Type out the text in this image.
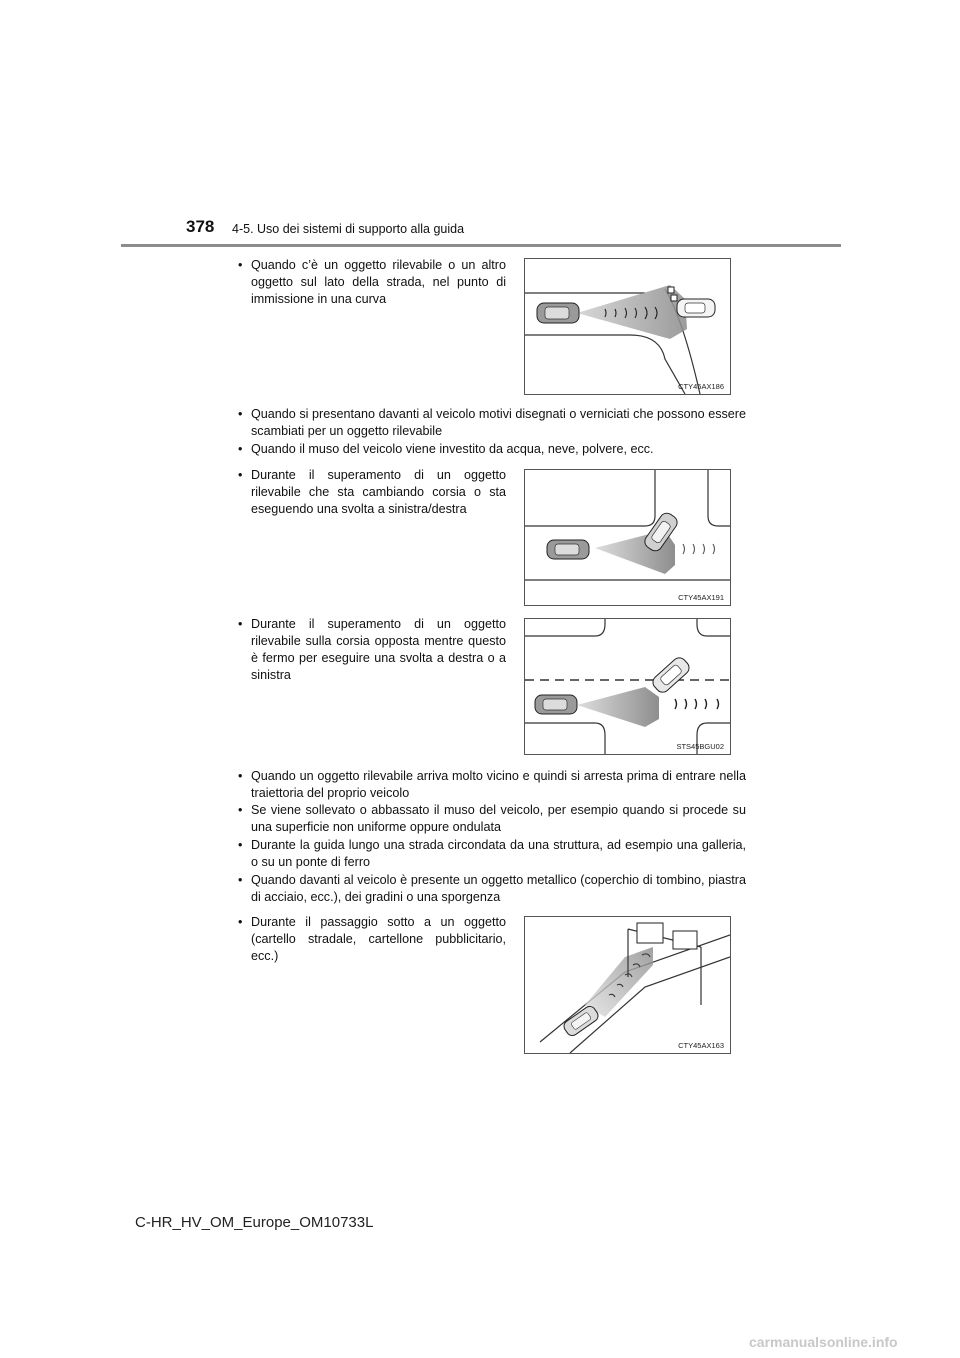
378 4-5. Uso dei sistemi di supporto alla guida
• Quando c’è un oggetto rilevabile o un altro oggetto sul lato della strada, nel punto di immissione in una curva
CTY45AX186
• Quando si presentano davanti al veicolo motivi disegnati o verniciati che possono essere scambiati per un oggetto rilevabile
• Quando il muso del veicolo viene investito da acqua, neve, polvere, ecc.
• Durante il superamento di un oggetto rilevabile che sta cambiando corsia o sta eseguendo una svolta a sinistra/destra
CTY45AX191
• Durante il superamento di un oggetto rilevabile sulla corsia opposta mentre questo è fermo per eseguire una svolta a destra o a sinistra
STS45BGU02
• Quando un oggetto rilevabile arriva molto vicino e quindi si arresta prima di entrare nella traiettoria del proprio veicolo
• Se viene sollevato o abbassato il muso del veicolo, per esempio quando si procede su una superficie non uniforme oppure ondulata
• Durante la guida lungo una strada circondata da una struttura, ad esempio una galleria, o su un ponte di ferro
• Quando davanti al veicolo è presente un oggetto metallico (coperchio di tombino, piastra di acciaio, ecc.), dei gradini o una sporgenza
• Durante il passaggio sotto a un oggetto (cartello stradale, cartellone pubblicitario, ecc.)
CTY45AX163
C-HR_HV_OM_Europe_OM10733L
carmanualsonline.info
